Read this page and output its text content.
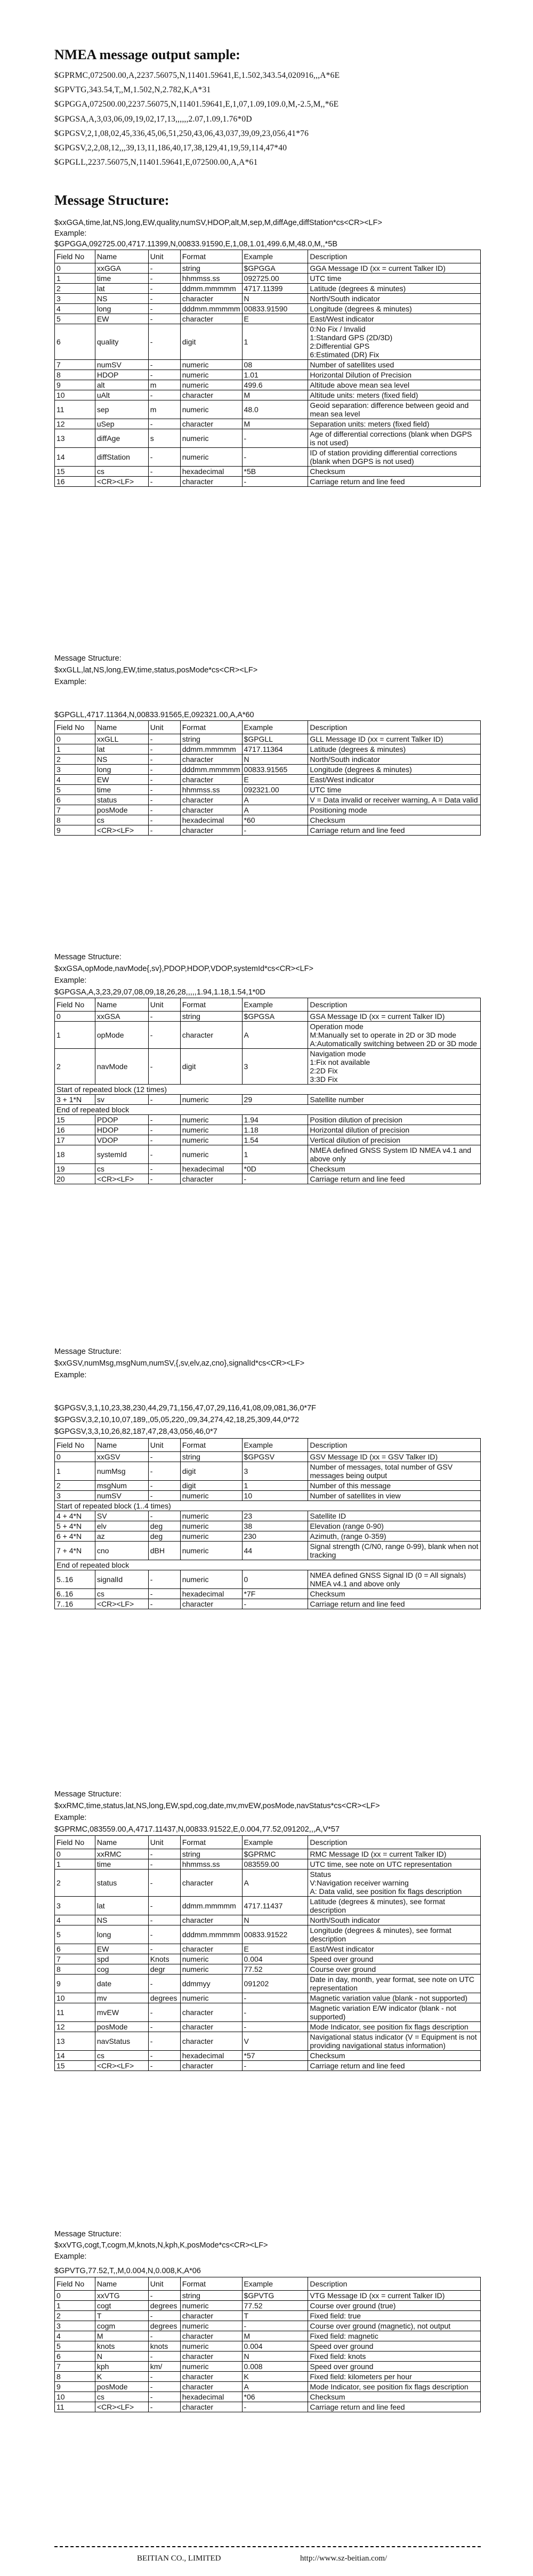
NMEA message output sample:
$GPRMC,072500.00,A,2237.56075,N,11401.59641,E,1.502,343.54,020916,,,A*6E
$GPVTG,343.54,T,,M,1.502,N,2.782,K,A*31
$GPGGA,072500.00,2237.56075,N,11401.59641,E,1,07,1.09,109.0,M,-2.5,M,,*6E
$GPGSA,A,3,03,06,09,19,02,17,13,,,,,,2.07,1.09,1.76*0D
$GPGSV,2,1,08,02,45,336,45,06,51,250,43,06,43,037,39,09,23,056,41*76
$GPGSV,2,2,08,12,,,39,13,11,186,40,17,38,129,41,19,59,114,47*40
$GPGLL,2237.56075,N,11401.59641,E,072500.00,A,A*61
Message Structure:
$xxGGA,time,lat,NS,long,EW,quality,numSV,HDOP,alt,M,sep,M,diffAge,diffStation*cs<CR><LF>
Example:
$GPGGA,092725.00,4717.11399,N,00833.91590,E,1,08,1.01,499.6,M,48.0,M,,*5B
Field No	Name	Unit	Format	Example	Description
0	xxGGA	-	string	$GPGGA	GGA Message ID (xx = current Talker ID)
1	time	-	hhmmss.ss	092725.00	UTC time
2	lat	-	ddmm.mmmmm	4717.11399	Latitude (degrees & minutes)
3	NS	-	character	N	North/South indicator
4	long	-	dddmm.mmmmm	00833.91590	Longitude (degrees & minutes)
5	EW	-	character	E	East/West indicator
6	quality	-	digit	1	0:No Fix / Invalid
1:Standard GPS (2D/3D)
2:Differential GPS
6:Estimated (DR) Fix
7	numSV	-	numeric	08	Number of satellites used
8	HDOP	-	numeric	1.01	Horizontal Dilution of Precision
9	alt	m	numeric	499.6	Altitude above mean sea level
10	uAlt	-	character	M	Altitude units: meters (fixed field)
11	sep	m	numeric	48.0	Geoid separation: difference between geoid and mean sea level
12	uSep	-	character	M	Separation units: meters (fixed field)
13	diffAge	s	numeric	-	Age of differential corrections (blank when DGPS is not used)
14	diffStation	-	numeric	-	ID of station providing differential corrections (blank when DGPS is not used)
15	cs	-	hexadecimal	*5B	Checksum
16	<CR><LF>	-	character	-	Carriage return and line feed
Message Structure:
$xxGLL,lat,NS,long,EW,time,status,posMode*cs<CR><LF>
Example:
$GPGLL,4717.11364,N,00833.91565,E,092321.00,A,A*60
Field No	Name	Unit	Format	Example	Description
0	xxGLL	-	string	$GPGLL	GLL Message ID (xx = current Talker ID)
1	lat	-	ddmm.mmmmm	4717.11364	Latitude (degrees & minutes)
2	NS	-	character	N	North/South indicator
3	long	-	dddmm.mmmmm	00833.91565	Longitude (degrees & minutes)
4	EW	-	character	E	East/West indicator
5	time	-	hhmmss.ss	092321.00	UTC time
6	status	-	character	A	V = Data invalid or receiver warning, A = Data valid
7	posMode	-	character	A	Positioning mode
8	cs	-	hexadecimal	*60	Checksum
9	<CR><LF>	-	character	-	Carriage return and line feed
Message Structure:
$xxGSA,opMode,navMode{,sv},PDOP,HDOP,VDOP,systemId*cs<CR><LF>
Example:
$GPGSA,A,3,23,29,07,08,09,18,26,28,,,,,1.94,1.18,1.54,1*0D
Field No	Name	Unit	Format	Example	Description
0	xxGSA	-	string	$GPGSA	GSA Message ID (xx = current Talker ID)
1	opMode	-	character	A	Operation mode
M:Manually set to operate in 2D or 3D mode
A:Automatically switching between 2D or 3D mode
2	navMode	-	digit	3	Navigation mode
1:Fix not available
2:2D Fix
3:3D Fix
Start of repeated block (12 times)					
3 + 1*N	sv	-	numeric	29	Satellite number
End of repeated block					
15	PDOP	-	numeric	1.94	Position dilution of precision
16	HDOP	-	numeric	1.18	Horizontal dilution of precision
17	VDOP	-	numeric	1.54	Vertical dilution of precision
18	systemId	-	numeric	1	NMEA defined GNSS System ID NMEA v4.1 and above only
19	cs	-	hexadecimal	*0D	Checksum
20	<CR><LF>	-	character	-	Carriage return and line feed
Message Structure:
$xxGSV,numMsg,msgNum,numSV,{,sv,elv,az,cno},signalId*cs<CR><LF>
Example:
$GPGSV,3,1,10,23,38,230,44,29,71,156,47,07,29,116,41,08,09,081,36,0*7F
$GPGSV,3,2,10,10,07,189,,05,05,220,,09,34,274,42,18,25,309,44,0*72
$GPGSV,3,3,10,26,82,187,47,28,43,056,46,0*7
Field No	Name	Unit	Format	Example	Description
0	xxGSV	-	string	$GPGSV	GSV Message ID (xx = GSV Talker ID)
1	numMsg	-	digit	3	Number of messages, total number of GSV messages being output
2	msgNum	-	digit	1	Number of this message
3	numSV	-	numeric	10	Number of satellites in view
Start of repeated block (1..4 times)					
4 + 4*N	SV	-	numeric	23	Satellite ID
5 + 4*N	elv	deg	numeric	38	Elevation (range 0-90)
6 + 4*N	az	deg	numeric	230	Azimuth, (range 0-359)
7 + 4*N	cno	dBH	numeric	44	Signal strength (C/N0, range 0-99), blank when not tracking
End of repeated block					
5..16	signalId	-	numeric	0	NMEA defined GNSS Signal ID (0 = All signals) NMEA v4.1 and above only
6..16	cs	-	hexadecimal	*7F	Checksum
7..16	<CR><LF>	-	character	-	Carriage return and line feed
Message Structure:
$xxRMC,time,status,lat,NS,long,EW,spd,cog,date,mv,mvEW,posMode,navStatus*cs<CR><LF>
Example:
$GPRMC,083559.00,A,4717.11437,N,00833.91522,E,0.004,77.52,091202,,,A,V*57
Field No	Name	Unit	Format	Example	Description
0	xxRMC	-	string	$GPRMC	RMC Message ID (xx = current Talker ID)
1	time	-	hhmmss.ss	083559.00	UTC time, see note on UTC representation
2	status	-	character	A	Status
V:Navigation receiver warning
A: Data valid, see position fix flags description
3	lat	-	ddmm.mmmmm	4717.11437	Latitude (degrees & minutes), see format description
4	NS	-	character	N	North/South indicator
5	long	-	dddmm.mmmmm	00833.91522	Longitude (degrees & minutes), see format description
6	EW	-	character	E	East/West indicator
7	spd	Knots	numeric	0.004	Speed over ground
8	cog	degr	numeric	77.52	Course over ground
9	date	-	ddmmyy	091202	Date in day, month, year format, see note on UTC representation
10	mv	degrees	numeric	-	Magnetic variation value (blank - not supported)
11	mvEW	-	character	-	Magnetic variation E/W indicator (blank - not supported)
12	posMode	-	character	-	Mode Indicator, see position fix flags description
13	navStatus	-	character	V	Navigational status indicator (V = Equipment is not providing navigational status information)
14	cs	-	hexadecimal	*57	Checksum
15	<CR><LF>	-	character	-	Carriage return and line feed
Message Structure:
$xxVTG,cogt,T,cogm,M,knots,N,kph,K,posMode*cs<CR><LF>
Example:
$GPVTG,77.52,T,,M,0.004,N,0.008,K,A*06
Field No	Name	Unit	Format	Example	Description
0	xxVTG	-	string	$GPVTG	VTG Message ID (xx = current Talker ID)
1	cogt	degrees	numeric	77.52	Course over ground (true)
2	T	-	character	T	Fixed field: true
3	cogm	degrees	numeric	-	Course over ground (magnetic), not output
4	M	-	character	M	Fixed field: magnetic
5	knots	knots	numeric	0.004	Speed over ground
6	N	-	character	N	Fixed field: knots
7	kph	km/	numeric	0.008	Speed over ground
8	K	-	character	K	Fixed field: kilometers per hour
9	posMode	-	character	A	Mode Indicator, see position fix flags description
10	cs	-	hexadecimal	*06	Checksum
11	<CR><LF>	-	character	-	Carriage return and line feed
BEITIAN CO., LIMITED	http://www.sz-beitian.com/
